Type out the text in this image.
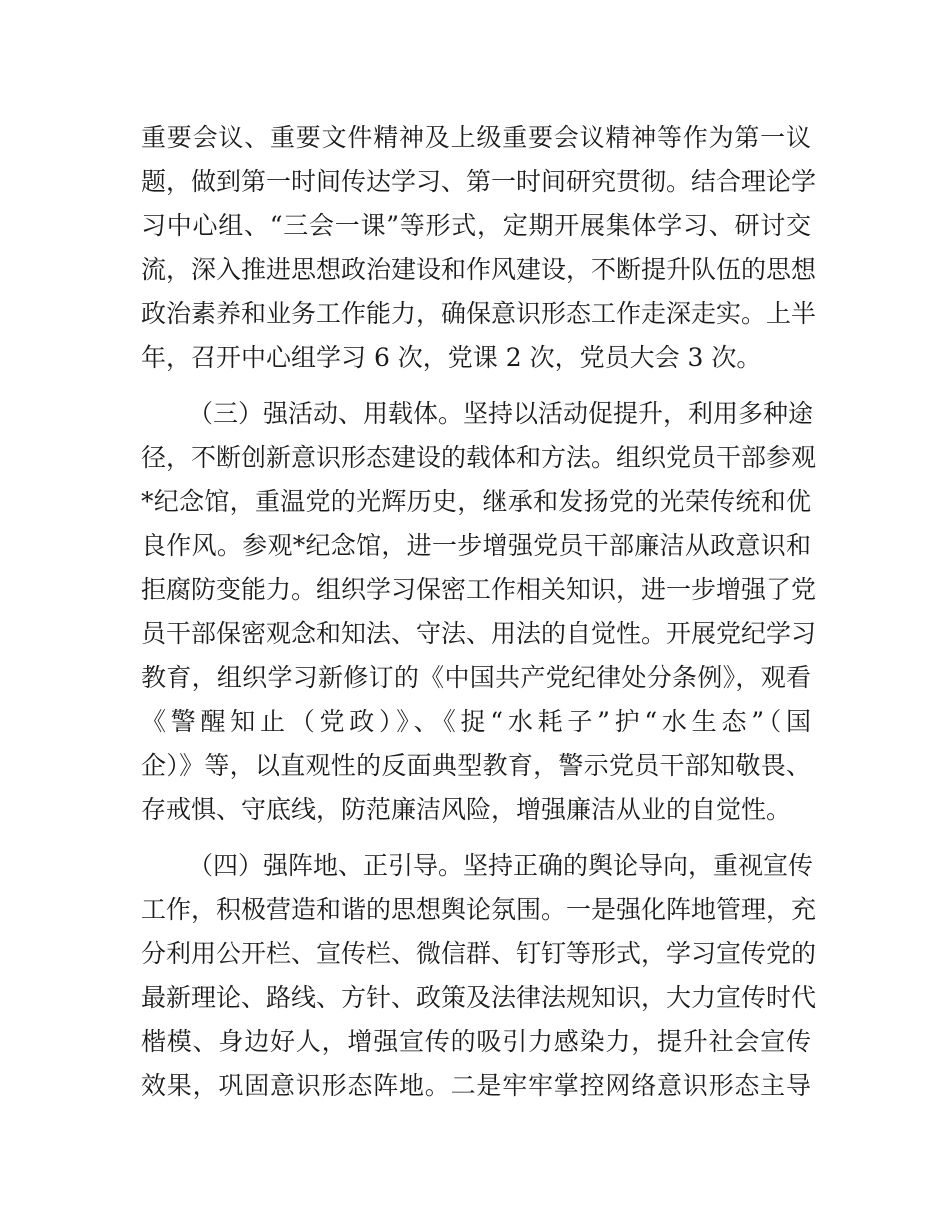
重要会议、重要文件精神及上级重要会议精神等作为第一议
题，做到第一时间传达学习、第一时间研究贯彻。结合理论学
习中心组、“三会一课”等形式，定期开展集体学习、研讨交
流，深入推进思想政治建设和作风建设，不断提升队伍的思想
政治素养和业务工作能力，确保意识形态工作走深走实。上半
年，召开中心组学习 6 次，党课 2 次，党员大会 3 次。
（三）强活动、用载体。坚持以活动促提升，利用多种途
径，不断创新意识形态建设的载体和方法。组织党员干部参观
*纪念馆，重温党的光辉历史，继承和发扬党的光荣传统和优
良作风。参观*纪念馆，进一步增强党员干部廉洁从政意识和
拒腐防变能力。组织学习保密工作相关知识，进一步增强了党
员干部保密观念和知法、守法、用法的自觉性。开展党纪学习
教育，组织学习新修订的《中国共产党纪律处分条例》，观看
《警醒知止（党政）》、《捉“水耗子”护“水生态”（国
企）》等，以直观性的反面典型教育，警示党员干部知敬畏、
存戒惧、守底线，防范廉洁风险，增强廉洁从业的自觉性。
（四）强阵地、正引导。坚持正确的舆论导向，重视宣传
工作，积极营造和谐的思想舆论氛围。一是强化阵地管理，充
分利用公开栏、宣传栏、微信群、钉钉等形式，学习宣传党的
最新理论、路线、方针、政策及法律法规知识，大力宣传时代
楷模、身边好人，增强宣传的吸引力感染力，提升社会宣传
效果，巩固意识形态阵地。二是牢牢掌控网络意识形态主导
